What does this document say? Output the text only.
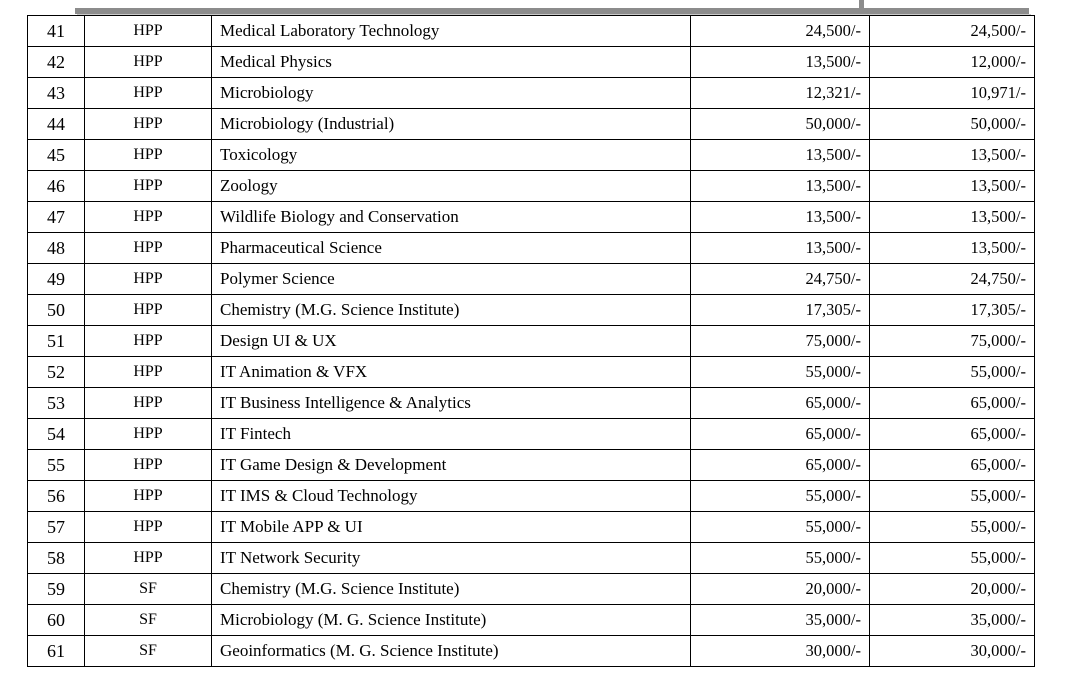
41	HPP	Medical Laboratory Technology	24,500/-	24,500/-
42	HPP	Medical Physics	13,500/-	12,000/-
43	HPP	Microbiology	12,321/-	10,971/-
44	HPP	Microbiology (Industrial)	50,000/-	50,000/-
45	HPP	Toxicology	13,500/-	13,500/-
46	HPP	Zoology	13,500/-	13,500/-
47	HPP	Wildlife Biology and Conservation	13,500/-	13,500/-
48	HPP	Pharmaceutical Science	13,500/-	13,500/-
49	HPP	Polymer Science	24,750/-	24,750/-
50	HPP	Chemistry (M.G. Science Institute)	17,305/-	17,305/-
51	HPP	Design UI & UX	75,000/-	75,000/-
52	HPP	IT Animation & VFX	55,000/-	55,000/-
53	HPP	IT Business Intelligence & Analytics	65,000/-	65,000/-
54	HPP	IT Fintech	65,000/-	65,000/-
55	HPP	IT Game Design & Development	65,000/-	65,000/-
56	HPP	IT IMS & Cloud Technology	55,000/-	55,000/-
57	HPP	IT Mobile APP & UI	55,000/-	55,000/-
58	HPP	IT Network Security	55,000/-	55,000/-
59	SF	Chemistry (M.G. Science Institute)	20,000/-	20,000/-
60	SF	Microbiology (M. G. Science Institute)	35,000/-	35,000/-
61	SF	Geoinformatics (M. G. Science Institute)	30,000/-	30,000/-
